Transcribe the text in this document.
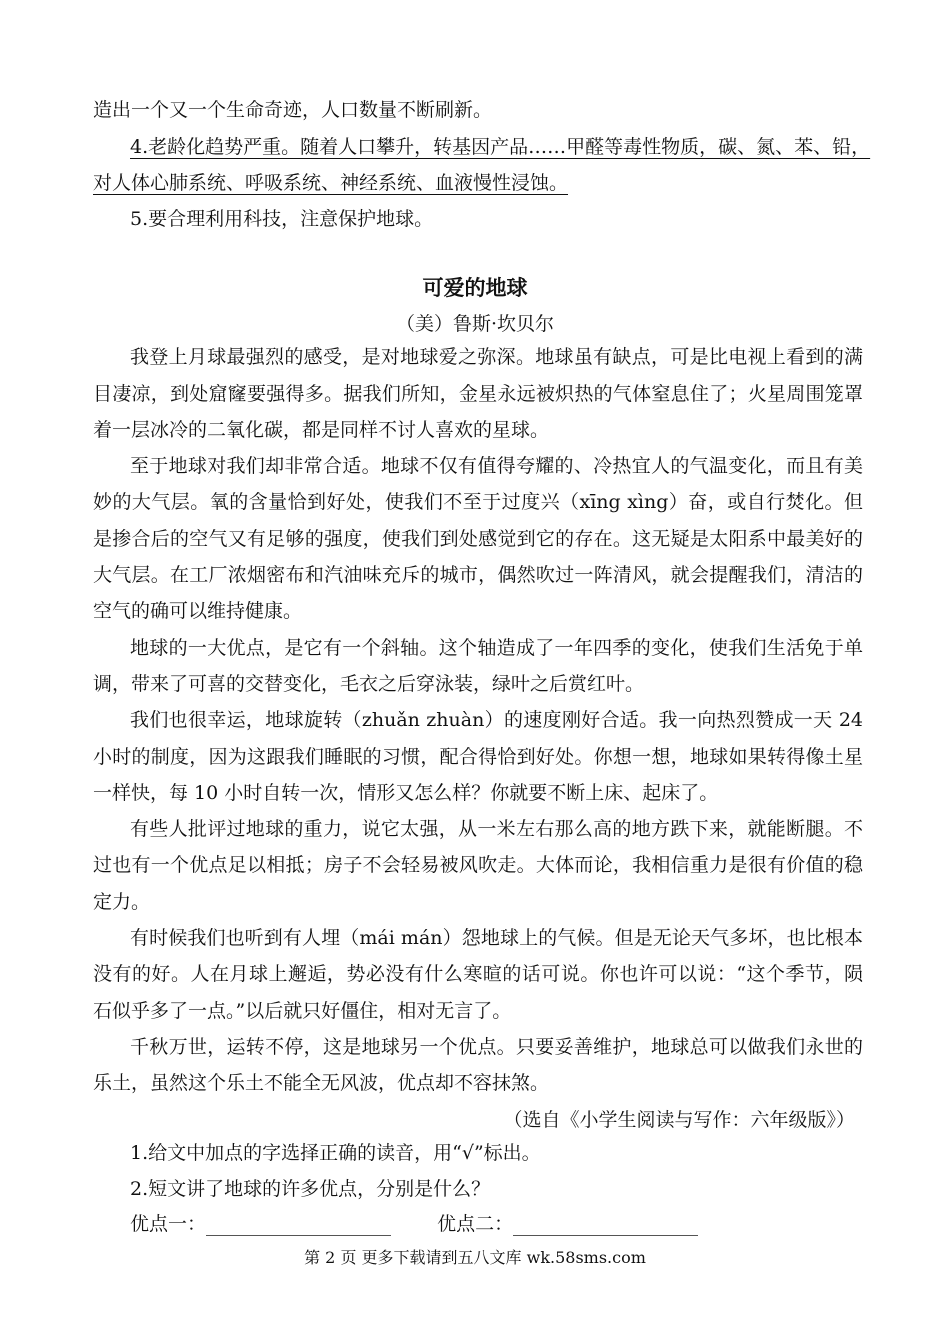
造出一个又一个生命奇迹，人口数量不断刷新。
4.老龄化趋势严重。随着人口攀升，转基因产品……甲醛等毒性物质，碳、氮、苯、铅，
对人体心肺系统、呼吸系统、神经系统、血液慢性浸蚀。
5.要合理利用科技，注意保护地球。
可爱的地球
（美）鲁斯·坎贝尔
我登上月球最强烈的感受，是对地球爱之弥深。地球虽有缺点，可是比电视上看到的满
目凄凉，到处窟窿要强得多。据我们所知，金星永远被炽热的气体窒息住了；火星周围笼罩
着一层冰冷的二氧化碳，都是同样不讨人喜欢的星球。
至于地球对我们却非常合适。地球不仅有值得夸耀的、冷热宜人的气温变化，而且有美
妙的大气层。氧的含量恰到好处，使我们不至于过度兴（xīng xìng）奋，或自行焚化。但
是掺合后的空气又有足够的强度，使我们到处感觉到它的存在。这无疑是太阳系中最美好的
大气层。在工厂浓烟密布和汽油味充斥的城市，偶然吹过一阵清风，就会提醒我们，清洁的
空气的确可以维持健康。
地球的一大优点，是它有一个斜轴。这个轴造成了一年四季的变化，使我们生活免于单
调，带来了可喜的交替变化，毛衣之后穿泳装，绿叶之后赏红叶。
我们也很幸运，地球旋转（zhuǎn zhuàn）的速度刚好合适。我一向热烈赞成一天 24
小时的制度，因为这跟我们睡眠的习惯，配合得恰到好处。你想一想，地球如果转得像土星
一样快，每 10 小时自转一次，情形又怎么样？你就要不断上床、起床了。
有些人批评过地球的重力，说它太强，从一米左右那么高的地方跌下来，就能断腿。不
过也有一个优点足以相抵；房子不会轻易被风吹走。大体而论，我相信重力是很有价值的稳
定力。
有时候我们也听到有人埋（mái mán）怨地球上的气候。但是无论天气多坏，也比根本
没有的好。人在月球上邂逅，势必没有什么寒暄的话可说。你也许可以说：“这个季节，陨
石似乎多了一点。”以后就只好僵住，相对无言了。
千秋万世，运转不停，这是地球另一个优点。只要妥善维护，地球总可以做我们永世的
乐土，虽然这个乐土不能全无风波，优点却不容抹煞。
（选自《小学生阅读与写作：六年级版》）
1.给文中加点的字选择正确的读音，用“√”标出。
2.短文讲了地球的许多优点，分别是什么？
优点一：	优点二：
第 2 页 更多下载请到五八文库 wk.58sms.com
